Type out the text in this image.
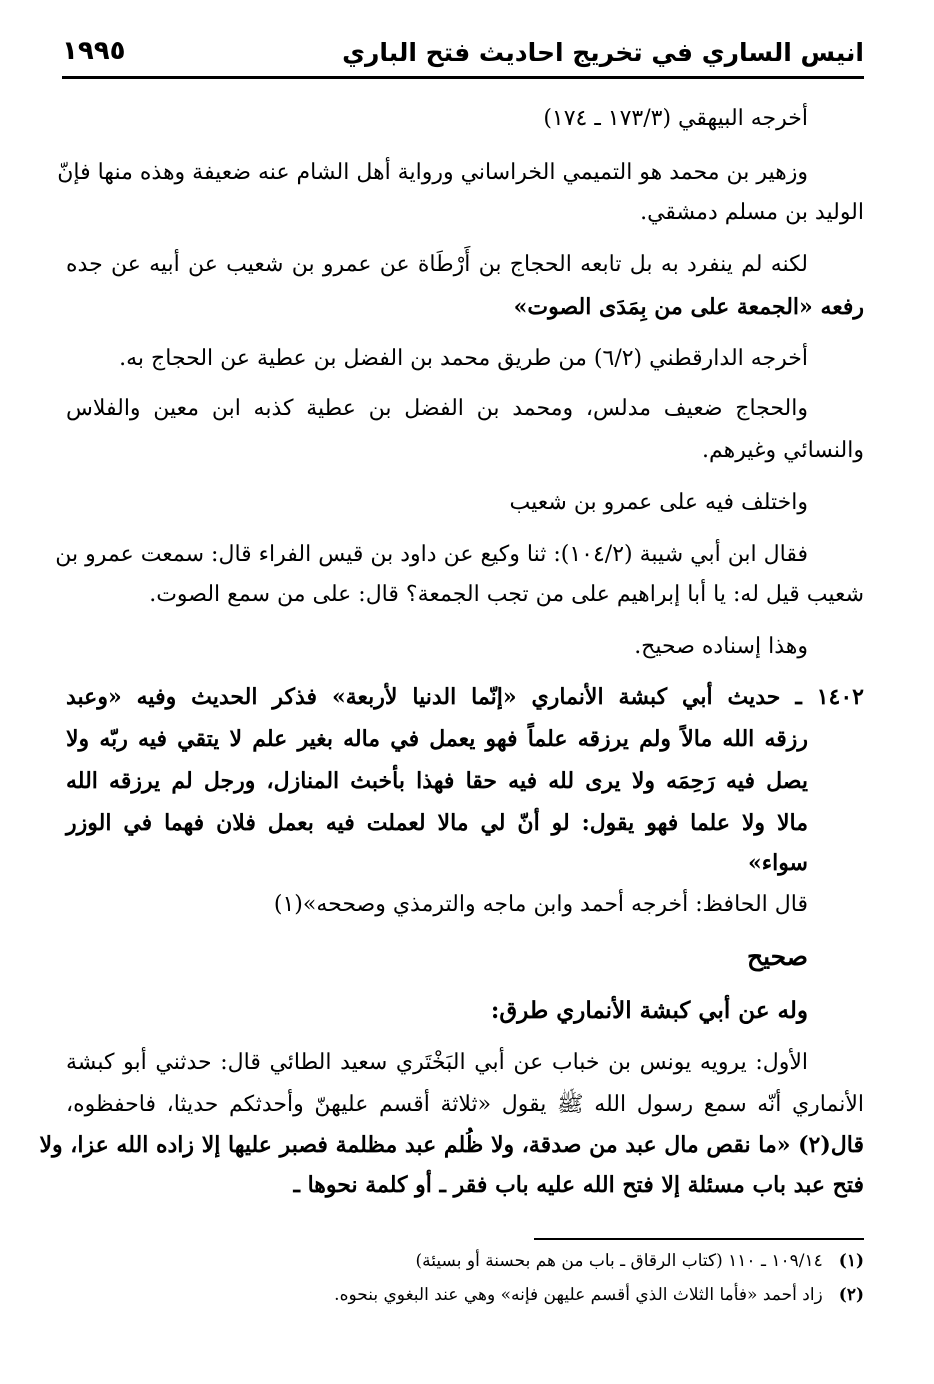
انيس الساري في تخريج احاديث فتح الباري
١٩٩٥
أخرجه البيهقي (١٧٣/٣ ـ ١٧٤)
وزهير بن محمد هو التميمي الخراساني ورواية أهل الشام عنه ضعيفة وهذه منها فإنّ
الوليد بن مسلم دمشقي.
لكنه لم ينفرد به بل تابعه الحجاج بن أَرْطَاة عن عمرو بن شعيب عن أبيه عن جده
رفعه «الجمعة على من بِمَدَى الصوت»
أخرجه الدارقطني (٦/٢) من طريق محمد بن الفضل بن عطية عن الحجاج به.
والحجاج ضعيف مدلس، ومحمد بن الفضل بن عطية كذبه ابن معين والفلاس
والنسائي وغيرهم.
واختلف فيه على عمرو بن شعيب
فقال ابن أبي شيبة (١٠٤/٢): ثنا وكيع عن داود بن قيس الفراء قال: سمعت عمرو بن
شعيب قيل له: يا أبا إبراهيم على من تجب الجمعة؟ قال: على من سمع الصوت.
وهذا إسناده صحيح.
١٤٠٢ ـ حديث أبي كبشة الأنماري «إنّما الدنيا لأربعة» فذكر الحديث وفيه «وعبد
رزقه الله مالاً ولم يرزقه علماً فهو يعمل في ماله بغير علم لا يتقي فيه ربّه ولا
يصل فيه رَحِمَه ولا يرى لله فيه حقا فهذا بأخبث المنازل، ورجل لم يرزقه الله
مالا ولا علما فهو يقول: لو أنّ لي مالا لعملت فيه بعمل فلان فهما في الوزر
سواء»
قال الحافظ: أخرجه أحمد وابن ماجه والترمذي وصححه»(١)
صحيح
وله عن أبي كبشة الأنماري طرق:
الأول: يرويه يونس بن خباب عن أبي البَخْتَري سعيد الطائي قال: حدثني أبو كبشة
الأنماري أنّه سمع رسول الله ﷺ يقول «ثلاثة أقسم عليهنّ وأحدثكم حديثا، فاحفظوه،
قال(٢) «ما نقص مال عبد من صدقة، ولا ظُلم عبد مظلمة فصبر عليها إلا زاده الله عزا، ولا
فتح عبد باب مسئلة إلا فتح الله عليه باب فقر ـ أو كلمة نحوها ـ
(١)١٠٩/١٤ ـ ١١٠ (كتاب الرقاق ـ باب من هم بحسنة أو بسيئة)
(٢)زاد أحمد «فأما الثلاث الذي أقسم عليهن فإنه» وهي عند البغوي بنحوه.
